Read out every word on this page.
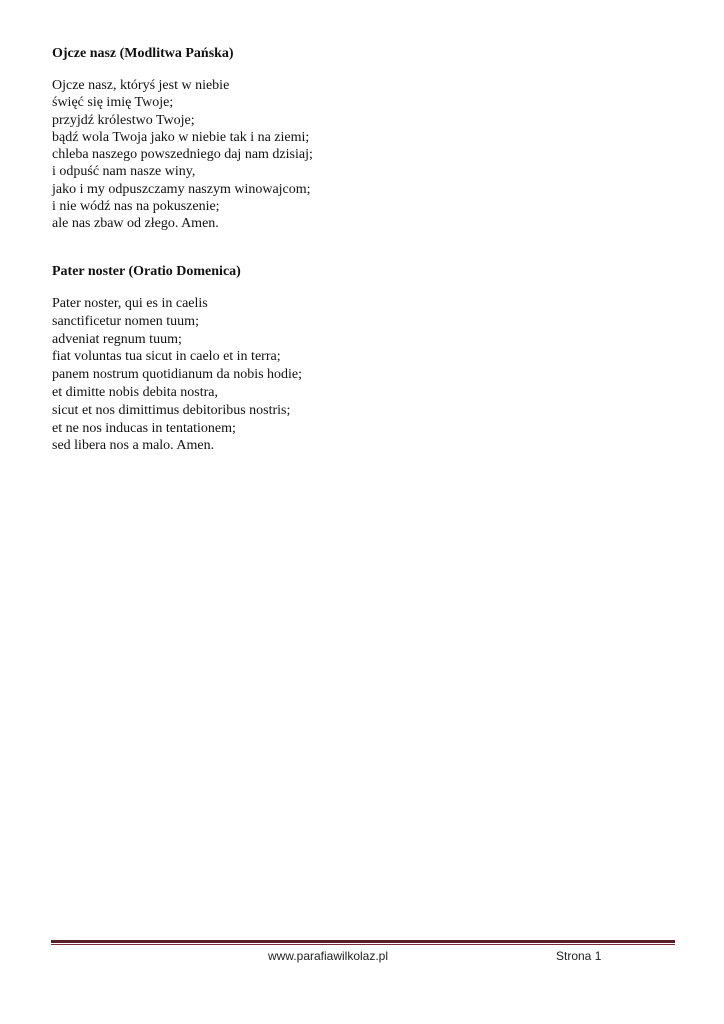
Ojcze nasz (Modlitwa Pańska)
Ojcze nasz, któryś jest w niebie
święć się imię Twoje;
przyjdź królestwo Twoje;
bądź wola Twoja jako w niebie tak i na ziemi;
chleba naszego powszedniego daj nam dzisiaj;
i odpuść nam nasze winy,
jako i my odpuszczamy naszym winowajcom;
i nie wódź nas na pokuszenie;
ale nas zbaw od złego. Amen.
Pater noster (Oratio Domenica)
Pater noster, qui es in caelis
sanctificetur nomen tuum;
adveniat regnum tuum;
fiat voluntas tua sicut in caelo et in terra;
panem nostrum quotidianum da nobis hodie;
et dimitte nobis debita nostra,
sicut et nos dimittimus debitoribus nostris;
et ne nos inducas in tentationem;
sed libera nos a malo. Amen.
www.parafiawilkolaz.pl	Strona 1
